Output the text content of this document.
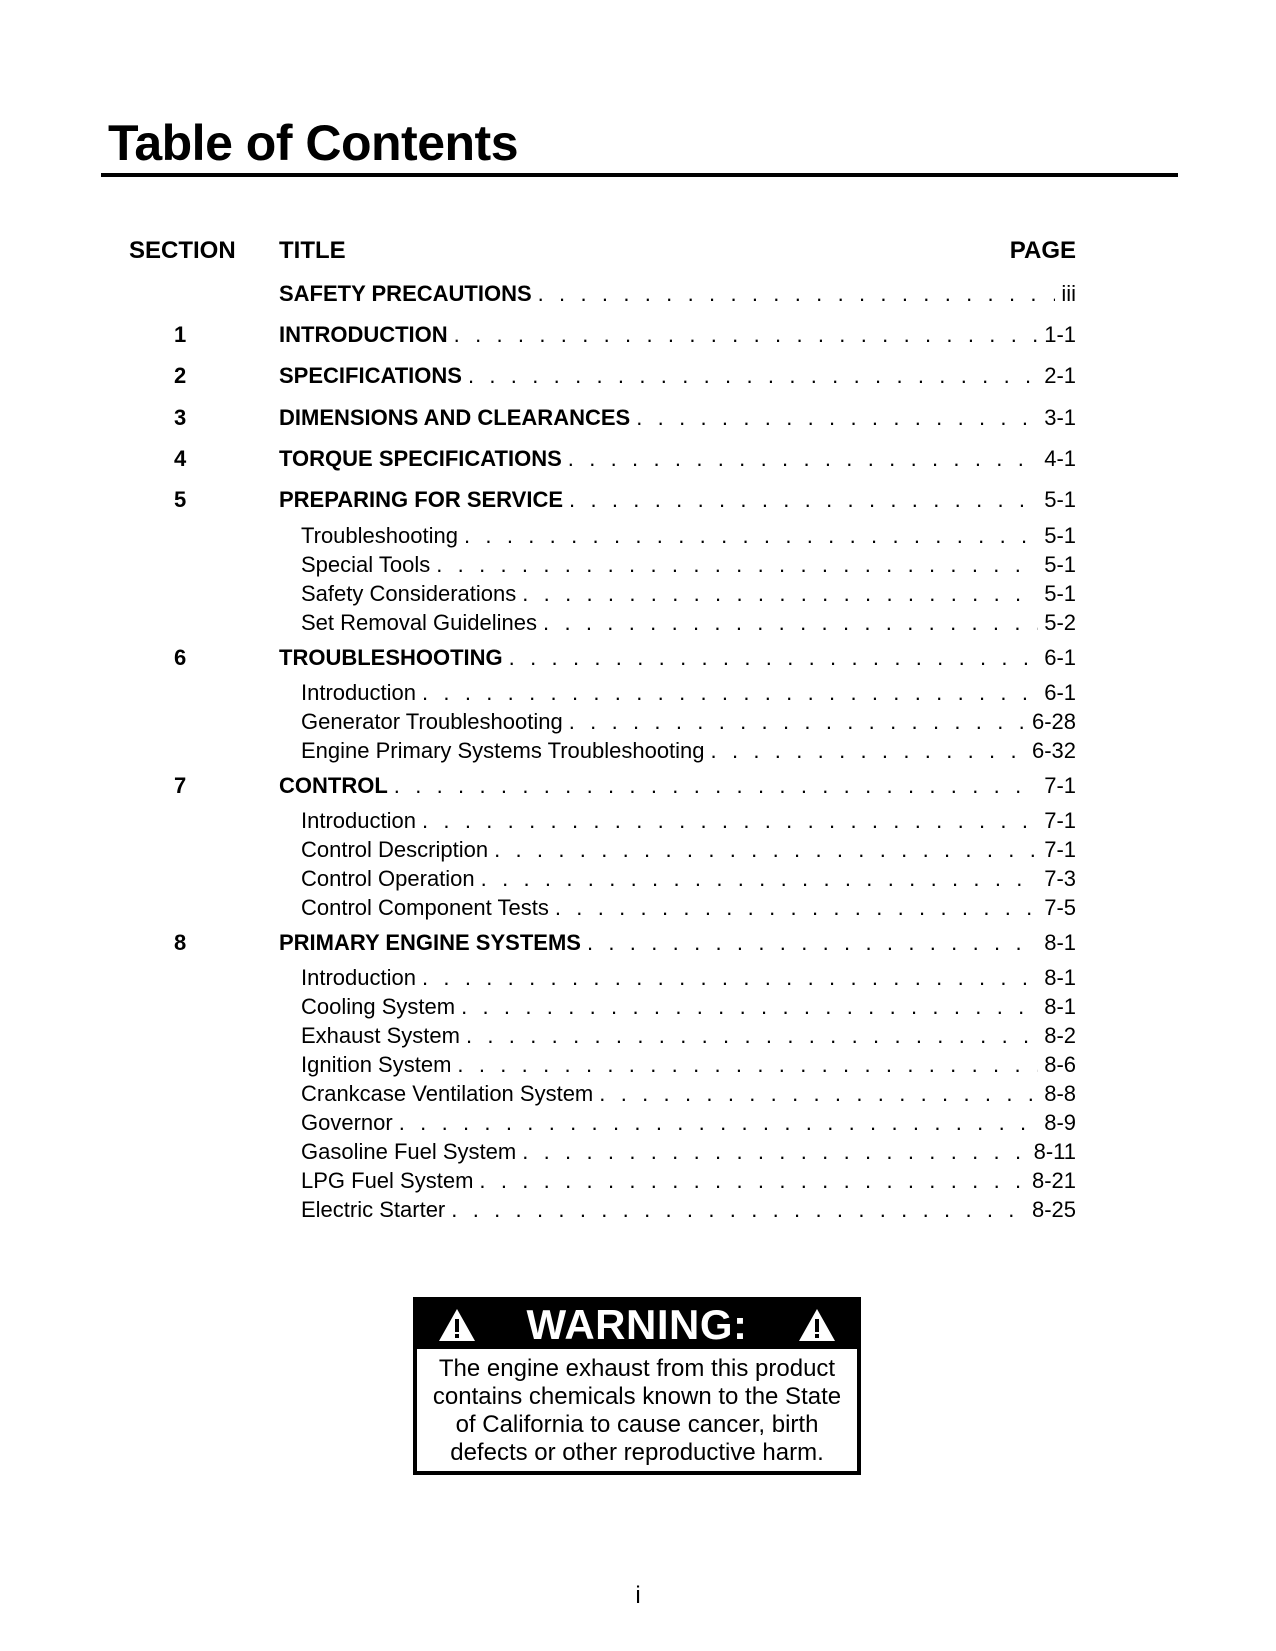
Table of Contents
SECTION TITLE	PAGE
SAFETY PRECAUTIONS . . .	iii
1	INTRODUCTION . . .	1-1
2	SPECIFICATIONS . . .	2-1
3	DIMENSIONS AND CLEARANCES . . .	3-1
4	TORQUE SPECIFICATIONS . . .	4-1
5	PREPARING FOR SERVICE . . .	5-1
Troubleshooting . . .	5-1
Special Tools . . .	5-1
Safety Considerations . . .	5-1
Set Removal Guidelines . . .	5-2
6	TROUBLESHOOTING . . .	6-1
Introduction . . .	6-1
Generator Troubleshooting . . .	6-28
Engine Primary Systems Troubleshooting . . .	6-32
7	CONTROL . . .	7-1
Introduction . . .	7-1
Control Description . . .	7-1
Control Operation . . .	7-3
Control Component Tests . . .	7-5
8	PRIMARY ENGINE SYSTEMS . . .	8-1
Introduction . . .	8-1
Cooling System . . .	8-1
Exhaust System . . .	8-2
Ignition System . . .	8-6
Crankcase Ventilation System . . .	8-8
Governor . . .	8-9
Gasoline Fuel System . . .	8-11
LPG Fuel System . . .	8-21
Electric Starter . . .	8-25
WARNING:
The engine exhaust from this product contains chemicals known to the State of California to cause cancer, birth defects or other reproductive harm.
i
